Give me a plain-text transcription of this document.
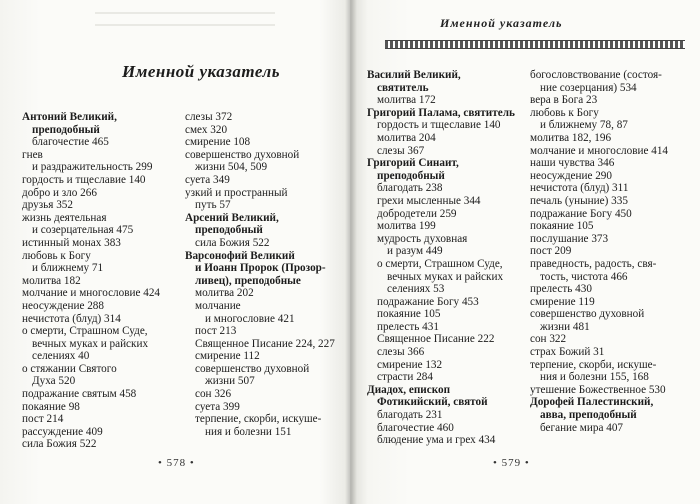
Именной указатель
Антоний Великий,
преподобный
благочестие 465
гнев
и раздражительность 299
гордость и тщеславие 140
добро и зло 266
друзья 352
жизнь деятельная
и созерцательная 475
истинный монах 383
любовь к Богу
и ближнему 71
молитва 182
молчание и многословие 424
неосуждение 288
нечистота (блуд) 314
о смерти, Страшном Суде,
вечных муках и райских
селениях 40
о стяжании Святого
Духа 520
подражание святым 458
покаяние 98
пост 214
рассуждение 409
сила Божия 522
слезы 372
смех 320
смирение 108
совершенство духовной
жизни 504, 509
суета 349
узкий и пространный
путь 57
Арсений Великий,
преподобный
сила Божия 522
Варсонофий Великий
и Иоанн Пророк (Прозор-
ливец), преподобные
молитва 202
молчание
и многословие 421
пост 213
Священное Писание 224, 227
смирение 112
совершенство духовной
жизни 507
сон 326
суета 399
терпение, скорби, искуше-
ния и болезни 151
• 578 •
Именной указатель
Василий Великий,
святитель
молитва 172
Григорий Палама, святитель
гордость и тщеславие 140
молитва 204
слезы 367
Григорий Синаит,
преподобный
благодать 238
грехи мысленные 344
добродетели 259
молитва 199
мудрость духовная
и разум 449
о смерти, Страшном Суде,
вечных муках и райских
селениях 53
подражание Богу 453
покаяние 105
прелесть 431
Священное Писание 222
слезы 366
смирение 132
страсти 284
Диадох, епископ
Фотикийский, святой
благодать 231
благочестие 460
блюдение ума и грех 434
богословствование (состоя-
ние созерцания) 534
вера в Бога 23
любовь к Богу
и ближнему 78, 87
молитва 182, 196
молчание и многословие 414
наши чувства 346
неосуждение 290
нечистота (блуд) 311
печаль (уныние) 335
подражание Богу 450
покаяние 105
послушание 373
пост 209
праведность, радость, свя-
тость, чистота 466
прелесть 430
смирение 119
совершенство духовной
жизни 481
сон 322
страх Божий 31
терпение, скорби, искуше-
ния и болезни 155, 168
утешение Божественное 530
Дорофей Палестинский,
авва, преподобный
бегание мира 407
• 579 •
